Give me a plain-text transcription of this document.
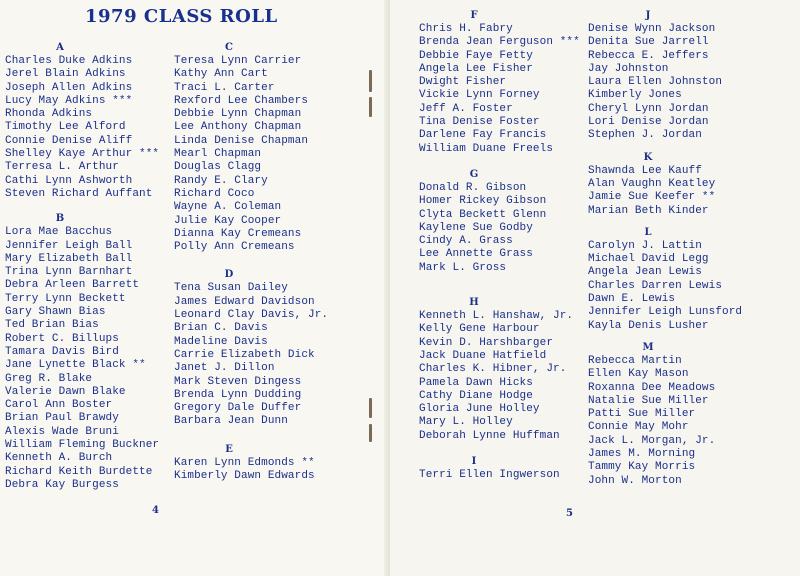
1979 CLASS ROLL
A
Charles Duke Adkins
Jerel Blain Adkins
Joseph Allen Adkins
Lucy May Adkins ***
Rhonda Adkins
Timothy Lee Alford
Connie Denise Aliff
Shelley Kaye Arthur ***
Terresa L. Arthur
Cathi Lynn Ashworth
Steven Richard Auffant
B
Lora Mae Bacchus
Jennifer Leigh Ball
Mary Elizabeth Ball
Trina Lynn Barnhart
Debra Arleen Barrett
Terry Lynn Beckett
Gary Shawn Bias
Ted Brian Bias
Robert C. Billups
Tamara Davis Bird
Jane Lynette Black **
Greg R. Blake
Valerie Dawn Blake
Carol Ann Boster
Brian Paul Brawdy
Alexis Wade Bruni
William Fleming Buckner
Kenneth A. Burch
Richard Keith Burdette
Debra Kay Burgess
C
Teresa Lynn Carrier
Kathy Ann Cart
Traci L. Carter
Rexford Lee Chambers
Debbie Lynn Chapman
Lee Anthony Chapman
Linda Denise Chapman
Mearl Chapman
Douglas Clagg
Randy E. Clary
Richard Coco
Wayne A. Coleman
Julie Kay Cooper
Dianna Kay Cremeans
Polly Ann Cremeans
D
Tena Susan Dailey
James Edward Davidson
Leonard Clay Davis, Jr.
Brian C. Davis
Madeline Davis
Carrie Elizabeth Dick
Janet J. Dillon
Mark Steven Dingess
Brenda Lynn Dudding
Gregory Dale Duffer
Barbara Jean Dunn
E
Karen Lynn Edmonds **
Kimberly Dawn Edwards
4
F
Chris H. Fabry
Brenda Jean Ferguson ***
Debbie Faye Fetty
Angela Lee Fisher
Dwight Fisher
Vickie Lynn Forney
Jeff A. Foster
Tina Denise Foster
Darlene Fay Francis
William Duane Freels
G
Donald R. Gibson
Homer Rickey Gibson
Clyta Beckett Glenn
Kaylene Sue Godby
Cindy A. Grass
Lee Annette Grass
Mark L. Gross
H
Kenneth L. Hanshaw, Jr.
Kelly Gene Harbour
Kevin D. Harshbarger
Jack Duane Hatfield
Charles K. Hibner, Jr.
Pamela Dawn Hicks
Cathy Diane Hodge
Gloria June Holley
Mary L. Holley
Deborah Lynne Huffman
I
Terri Ellen Ingwerson
J
Denise Wynn Jackson
Denita Sue Jarrell
Rebecca E. Jeffers
Jay Johnston
Laura Ellen Johnston
Kimberly Jones
Cheryl Lynn Jordan
Lori Denise Jordan
Stephen J. Jordan
K
Shawnda Lee Kauff
Alan Vaughn Keatley
Jamie Sue Keefer **
Marian Beth Kinder
L
Carolyn J. Lattin
Michael David Legg
Angela Jean Lewis
Charles Darren Lewis
Dawn E. Lewis
Jennifer Leigh Lunsford
Kayla Denis Lusher
M
Rebecca Martin
Ellen Kay Mason
Roxanna Dee Meadows
Natalie Sue Miller
Patti Sue Miller
Connie May Mohr
Jack L. Morgan, Jr.
James M. Morning
Tammy Kay Morris
John W. Morton
5
